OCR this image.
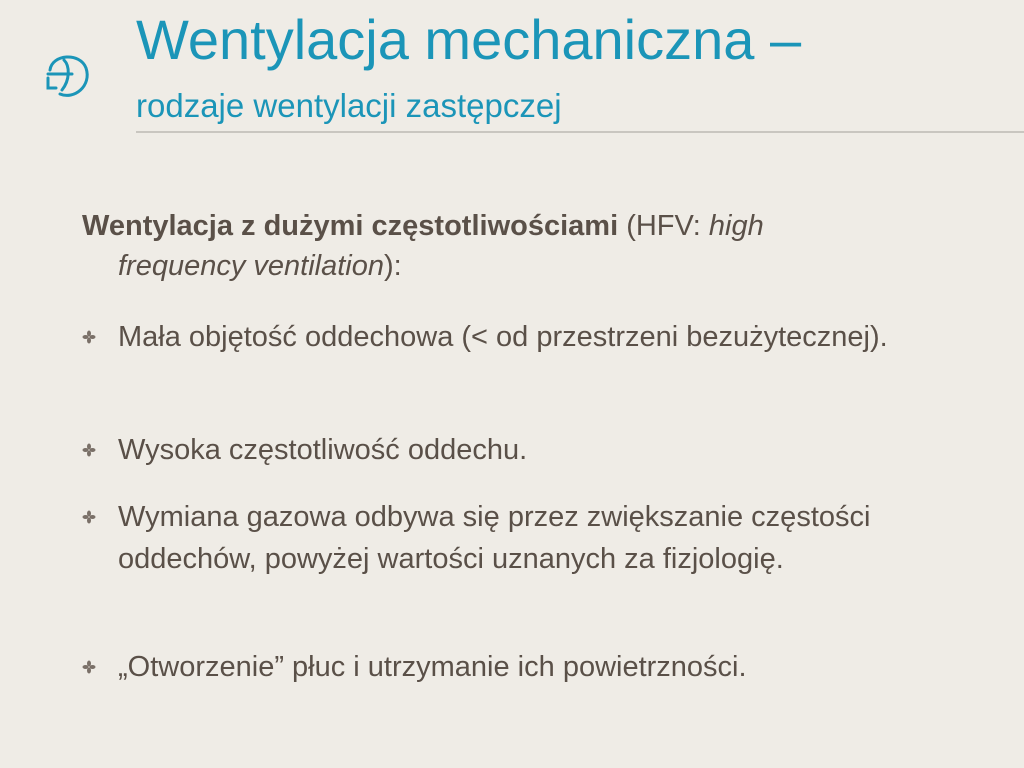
Wentylacja mechaniczna –
rodzaje wentylacji zastępczej
Wentylacja z dużymi częstotliwościami (HFV: high
frequency ventilation):
Mała objętość oddechowa (< od przestrzeni bezużytecznej).
Wysoka częstotliwość oddechu.
Wymiana gazowa odbywa się przez zwiększanie częstości oddechów, powyżej wartości uznanych za fizjologię.
„Otworzenie” płuc i utrzymanie ich powietrzności.
